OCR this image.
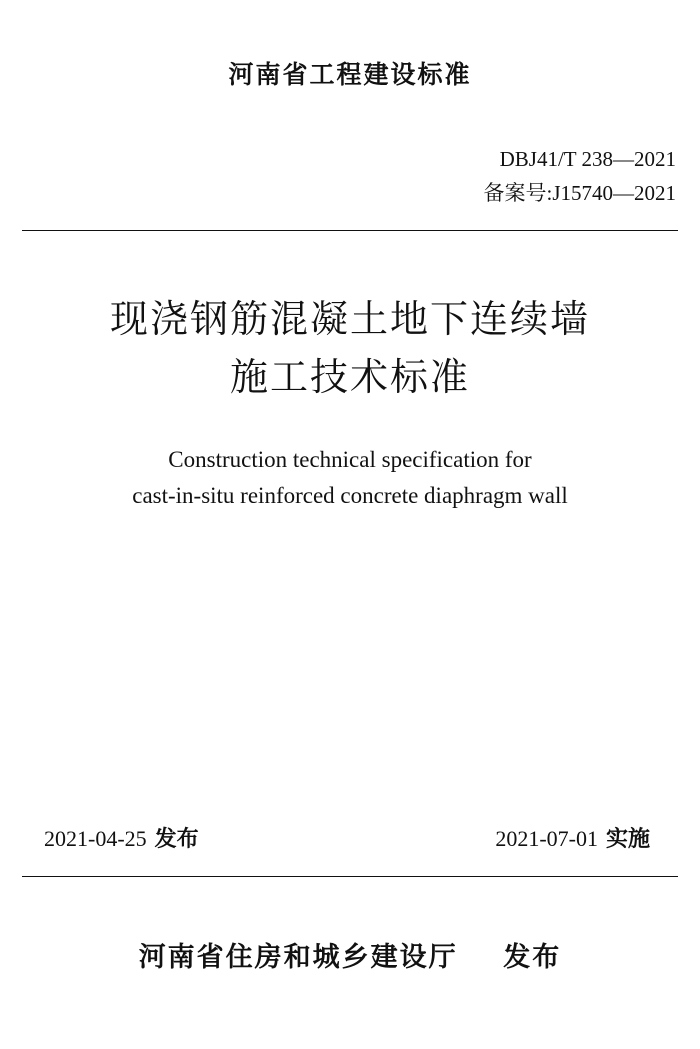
河南省工程建设标准
DBJ41/T 238—2021
备案号:J15740—2021
现浇钢筋混凝土地下连续墙
施工技术标准
Construction technical specification for
cast-in-situ reinforced concrete diaphragm wall
2021-04-25 发布	2021-07-01 实施
河南省住房和城乡建设厅 发布
